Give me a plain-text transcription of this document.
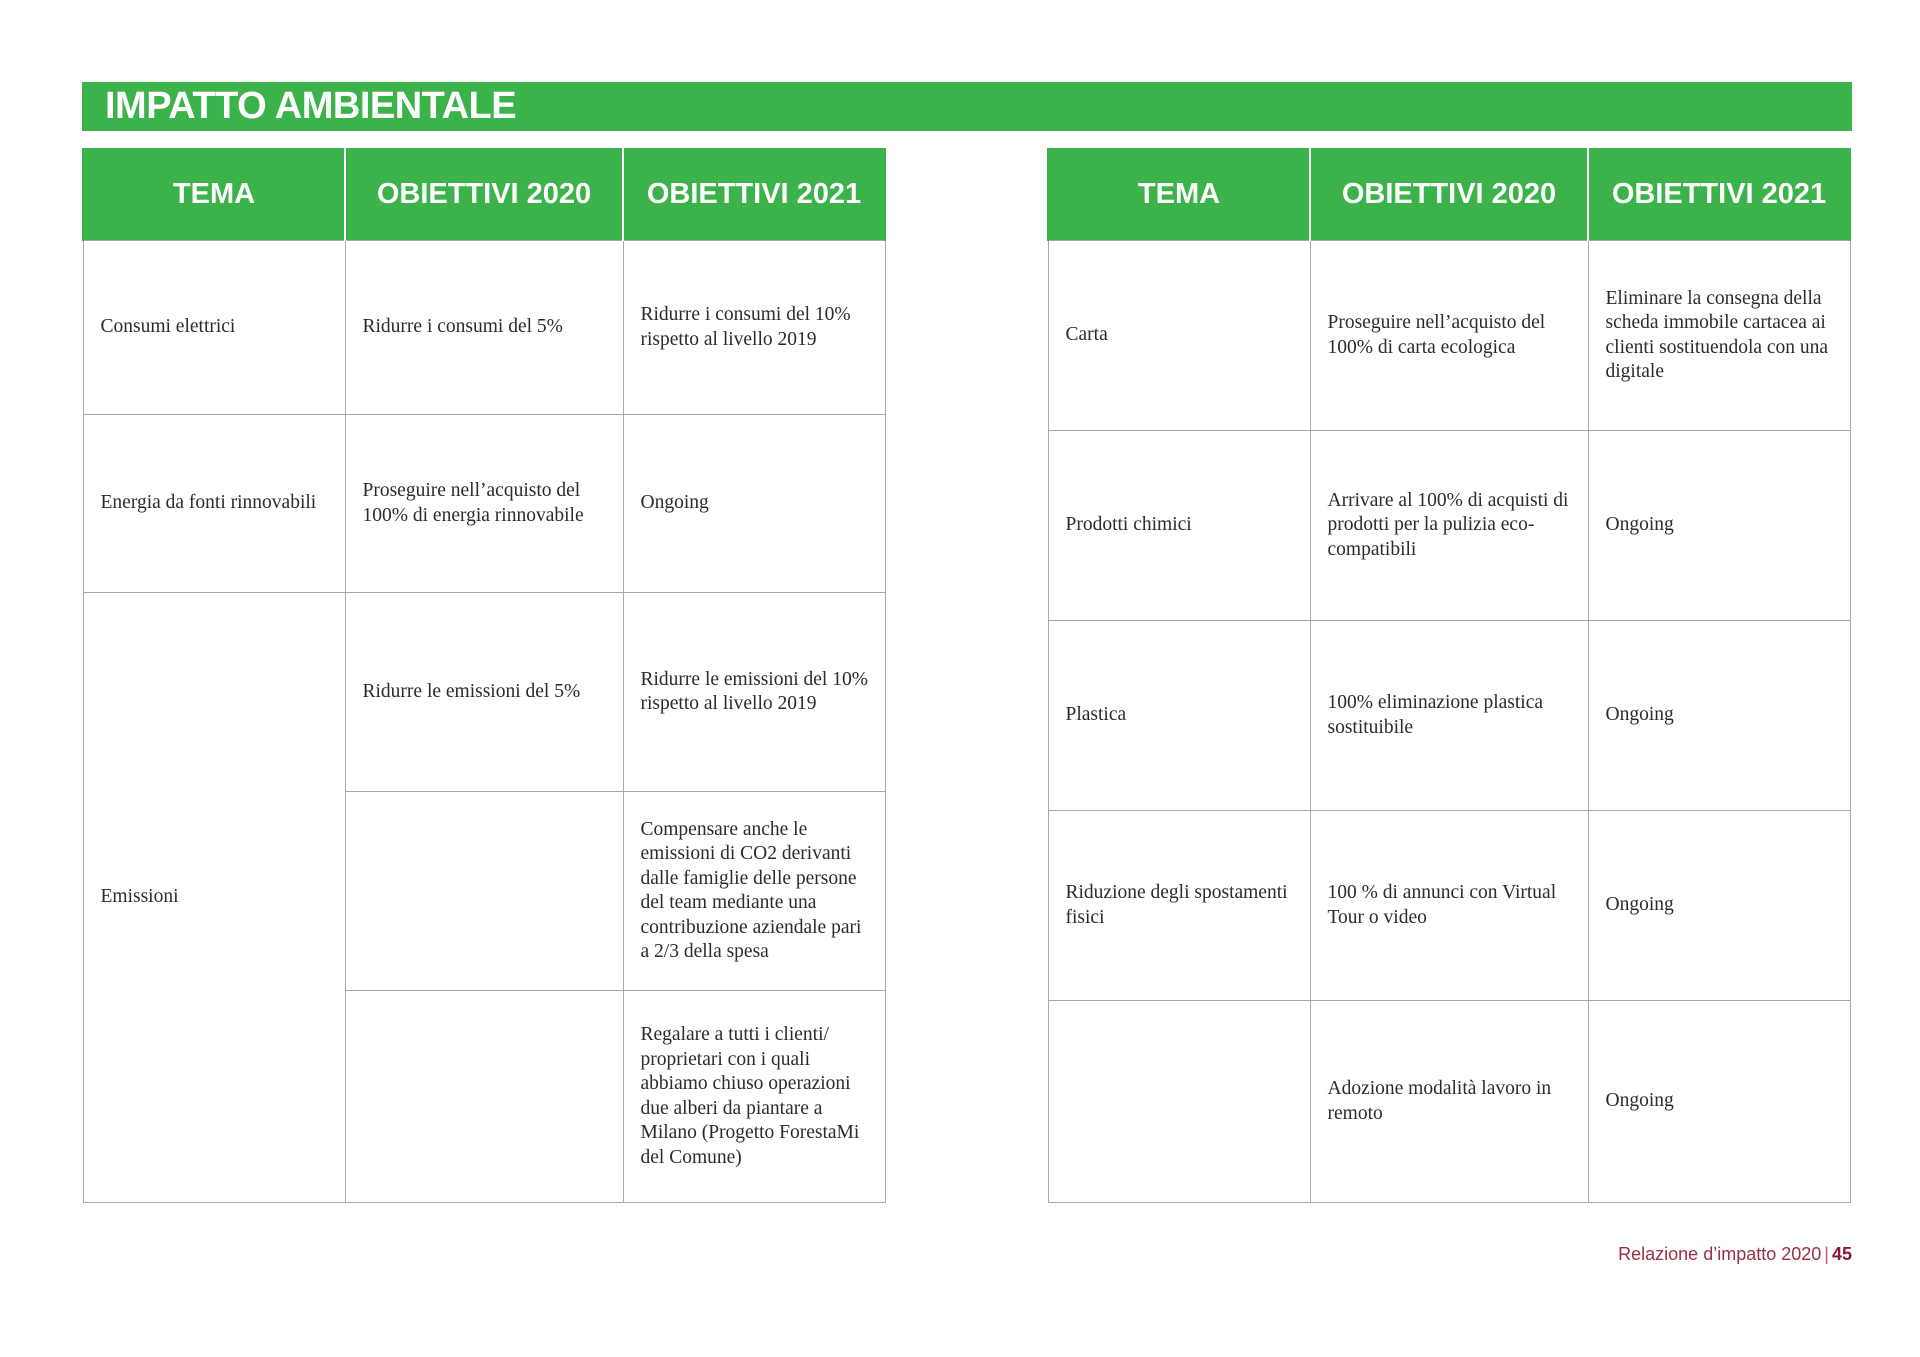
IMPATTO AMBIENTALE
TEMA	OBIETTIVI 2020	OBIETTIVI 2021
Consumi elettrici	Ridurre i consumi del 5%	Ridurre i consumi del 10% rispetto al livello 2019
Energia da fonti rinnovabili	Proseguire nell’acquisto del 100% di energia rinnovabile	Ongoing
Emissioni	Ridurre le emissioni del 5%	Ridurre le emissioni del 10% rispetto al livello 2019
		Compensare anche le emissioni di CO2 derivanti dalle famiglie delle persone del team mediante una contribuzione aziendale pari a 2/3 della spesa
		Regalare a tutti i clienti/ proprietari con i quali abbiamo chiuso operazioni due alberi da piantare a Milano (Progetto ForestaMi del Comune)
TEMA	OBIETTIVI 2020	OBIETTIVI 2021
Carta	Proseguire nell’acquisto del 100% di carta ecologica	Eliminare la consegna della scheda immobile cartacea ai clienti sostituendola con una digitale
Prodotti chimici	Arrivare al 100% di acquisti di prodotti per la pulizia eco-compatibili	Ongoing
Plastica	100% eliminazione plastica sostituibile	Ongoing
Riduzione degli spostamenti fisici	100 % di annunci con Virtual Tour o video	Ongoing
	Adozione modalità lavoro in remoto	Ongoing
Relazione d’impatto 2020 | 45
